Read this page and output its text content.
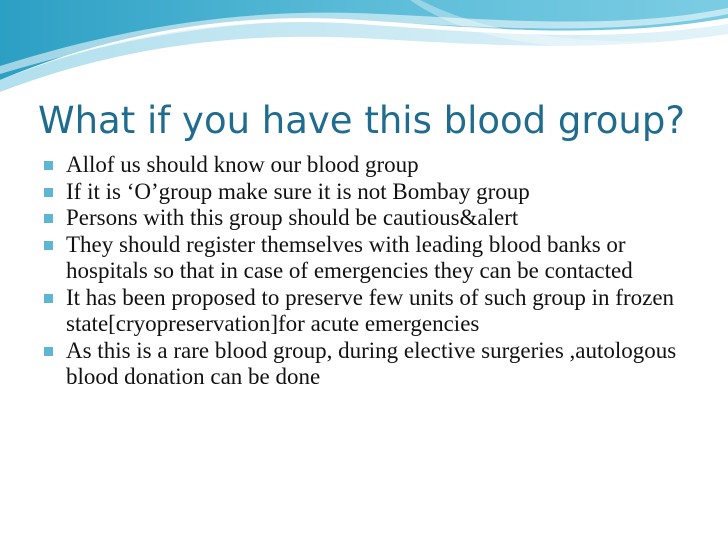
What if you have this blood group?
Allof us should know our blood group
If it is ‘O’group make sure it is not Bombay group
Persons with this group should be cautious&alert
They should register themselves with leading blood banks or hospitals so that in case of emergencies they can be contacted
It has been proposed to preserve few units of such group in frozen state[cryopreservation]for acute emergencies
As this is a rare blood group, during elective surgeries ,autologous blood donation can be done
